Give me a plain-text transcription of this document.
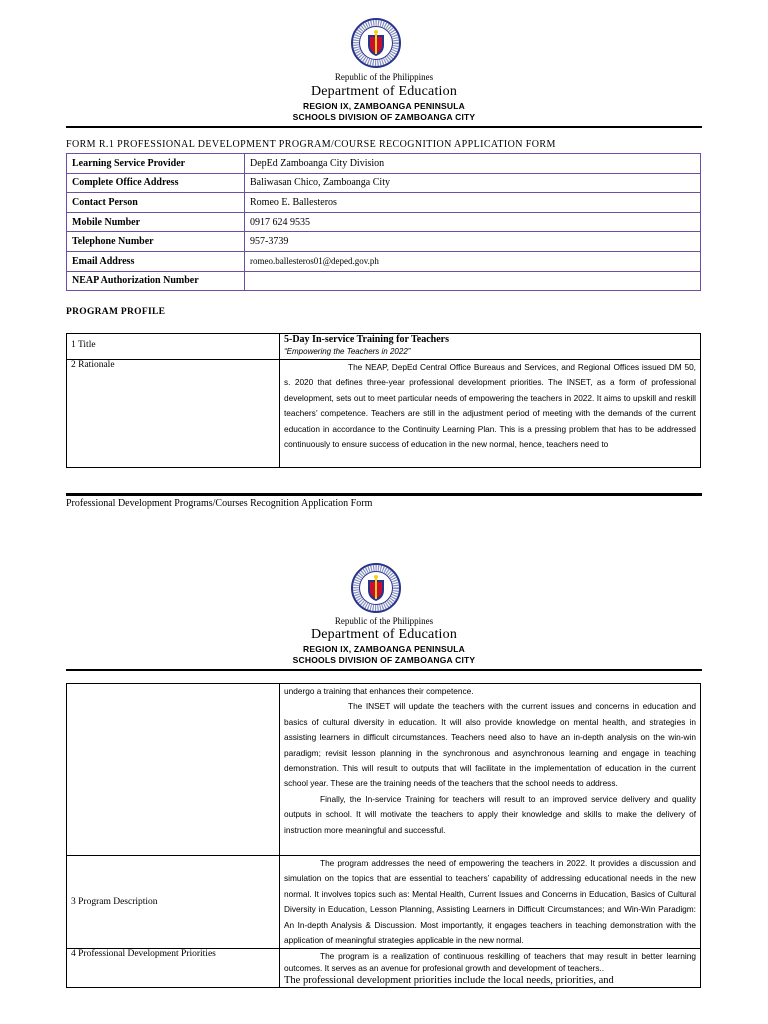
Republic of the Philippines
Department of Education
REGION IX, ZAMBOANGA PENINSULA
SCHOOLS DIVISION OF ZAMBOANGA CITY
FORM R.1 PROFESSIONAL DEVELOPMENT PROGRAM/COURSE RECOGNITION APPLICATION FORM
Learning Service Provider	DepEd Zamboanga City Division
Complete Office Address	Baliwasan Chico, Zamboanga City
Contact Person	Romeo E. Ballesteros
Mobile Number	0917 624 9535
Telephone Number	957-3739
Email Address	romeo.ballesteros01@deped.gov.ph
NEAP Authorization Number	
PROGRAM PROFILE
1 Title	5-Day In-service Training for Teachers
“Empowering the Teachers in 2022”

2 Rationale	The NEAP, DepEd Central Office Bureaus and Services, and Regional Offices issued DM 50, s. 2020 that defines three-year professional development priorities. The INSET, as a form of professional development, sets out to meet particular needs of empowering the teachers in 2022. It aims to upskill and reskill teachers’ competence. Teachers are still in the adjustment period of meeting with the demands of the current education in accordance to the Continuity Learning Plan. This is a pressing problem that has to be addressed continuously to ensure success of education in the new normal, hence, teachers need to
Professional Development Programs/Courses Recognition Application Form
Republic of the Philippines
Department of Education
REGION IX, ZAMBOANGA PENINSULA
SCHOOLS DIVISION OF ZAMBOANGA CITY

	undergo a training that enhances their competence.
The INSET will update the teachers with the current issues and concerns in education and basics of cultural diversity in education. It will also provide knowledge on mental health, and strategies in assisting learners in difficult circumstances. Teachers need also to have an in-depth analysis on the win-win paradigm; revisit lesson planning in the synchronous and asynchronous learning and engage in teaching demonstration. This will result to outputs that will facilitate in the implementation of education in the current school year. These are the training needs of the teachers that the school needs to address.
Finally, the In-service Training for teachers will result to an improved service delivery and quality outputs in school. It will motivate the teachers to apply their knowledge and skills to make the delivery of instruction more meaningful and successful.

3 Program Description	The program addresses the need of empowering the teachers in 2022. It provides a discussion and simulation on the topics that are essential to teachers’ capability of addressing educational needs in the new normal. It involves topics such as: Mental Health, Current Issues and Concerns in Education, Basics of Cultural Diversity in Education, Lesson Planning, Assisting Learners in Difficult Circumstances; and Win-Win Paradigm: An In-depth Analysis & Discussion. Most importantly, it engages teachers in teaching demonstration with the application of meaningful strategies applicable in the new normal.

4 Professional Development Priorities	The program is a realization of continuous reskilling of teachers that may result in better learning outcomes. It serves as an avenue for profesional growth and development of teachers..
The professional development priorities include the local needs, priorities, and
